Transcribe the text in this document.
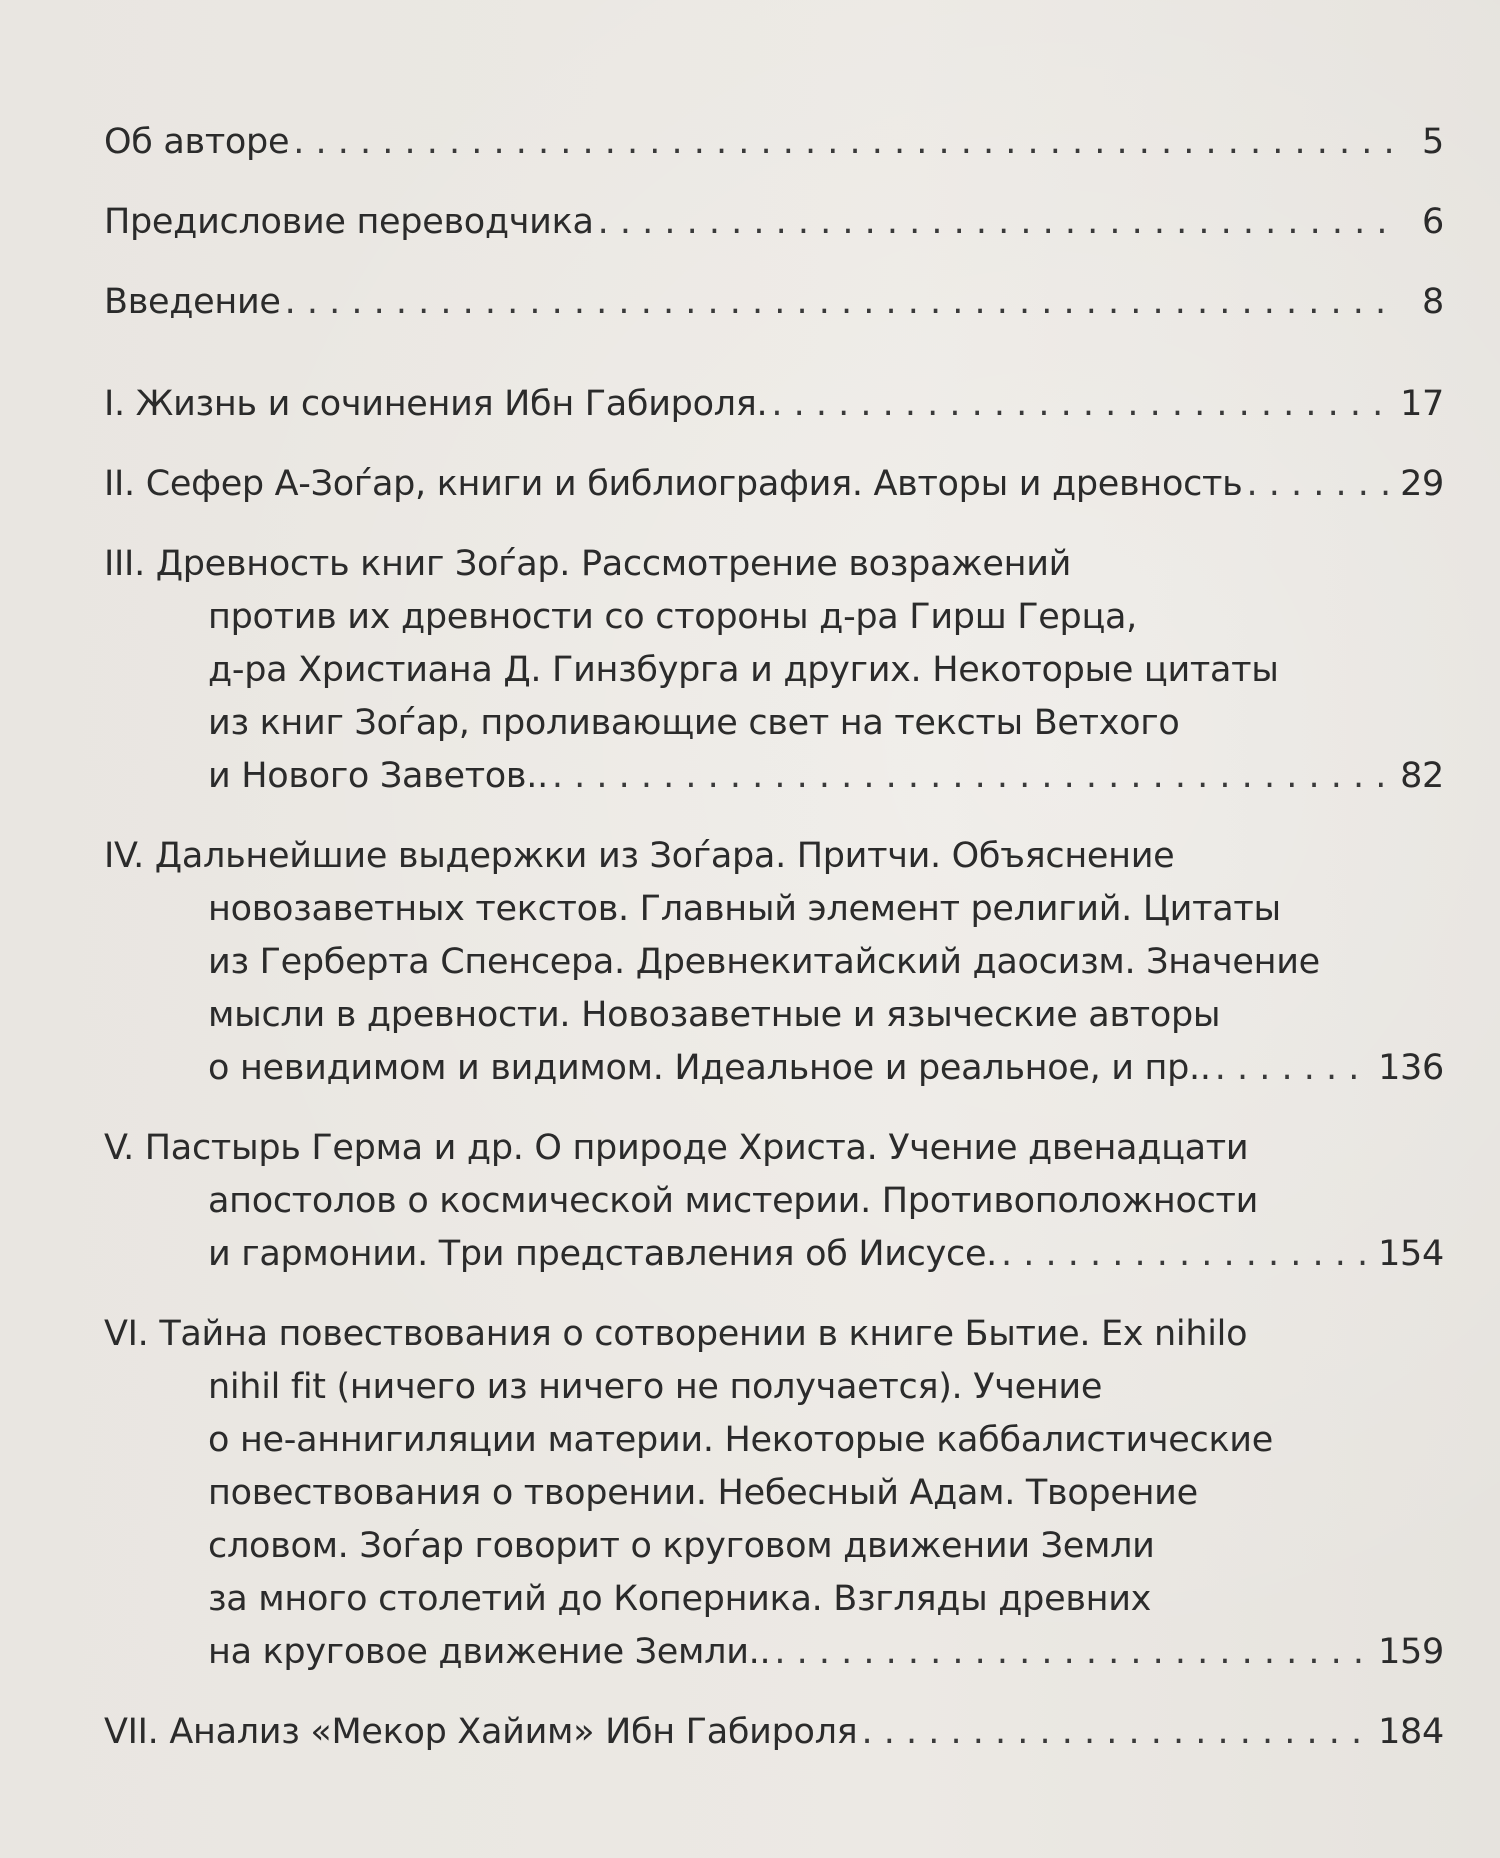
Об авторе . . .	5
Предисловие переводчика . . .	6
Введение . . .	8
I. Жизнь и сочинения Ибн Габироля. . . .	17
II. Сефер А-Зоѓар, книги и библиография. Авторы и древность . . .	29
III. Древность книг Зоѓар. Рассмотрение возражений
против их древности со стороны д-ра Гирш Герца,
д-ра Христиана Д. Гинзбурга и других. Некоторые цитаты
из книг Зоѓар, проливающие свет на тексты Ветхого
и Нового Заветов.. . . .	82
IV. Дальнейшие выдержки из Зоѓара. Притчи. Объяснение
новозаветных текстов. Главный элемент религий. Цитаты
из Герберта Спенсера. Древнекитайский даосизм. Значение
мысли в древности. Новозаветные и языческие авторы
о невидимом и видимом. Идеальное и реальное, и пр.. . . .	136
V. Пастырь Герма и др. О природе Христа. Учение двенадцати
апостолов о космической мистерии. Противоположности
и гармонии. Три представления об Иисусе. . . .	154
VI. Тайна повествования о сотворении в книге Бытие. Ex nihilo
nihil fit (ничего из ничего не получается). Учение
о не-аннигиляции материи. Некоторые каббалистические
повествования о творении. Небесный Адам. Творение
словом. Зоѓар говорит о круговом движении Земли
за много столетий до Коперника. Взгляды древних
на круговое движение Земли.. . . .	159
VII. Анализ «Мекор Хайим» Ибн Габироля . . .	184
